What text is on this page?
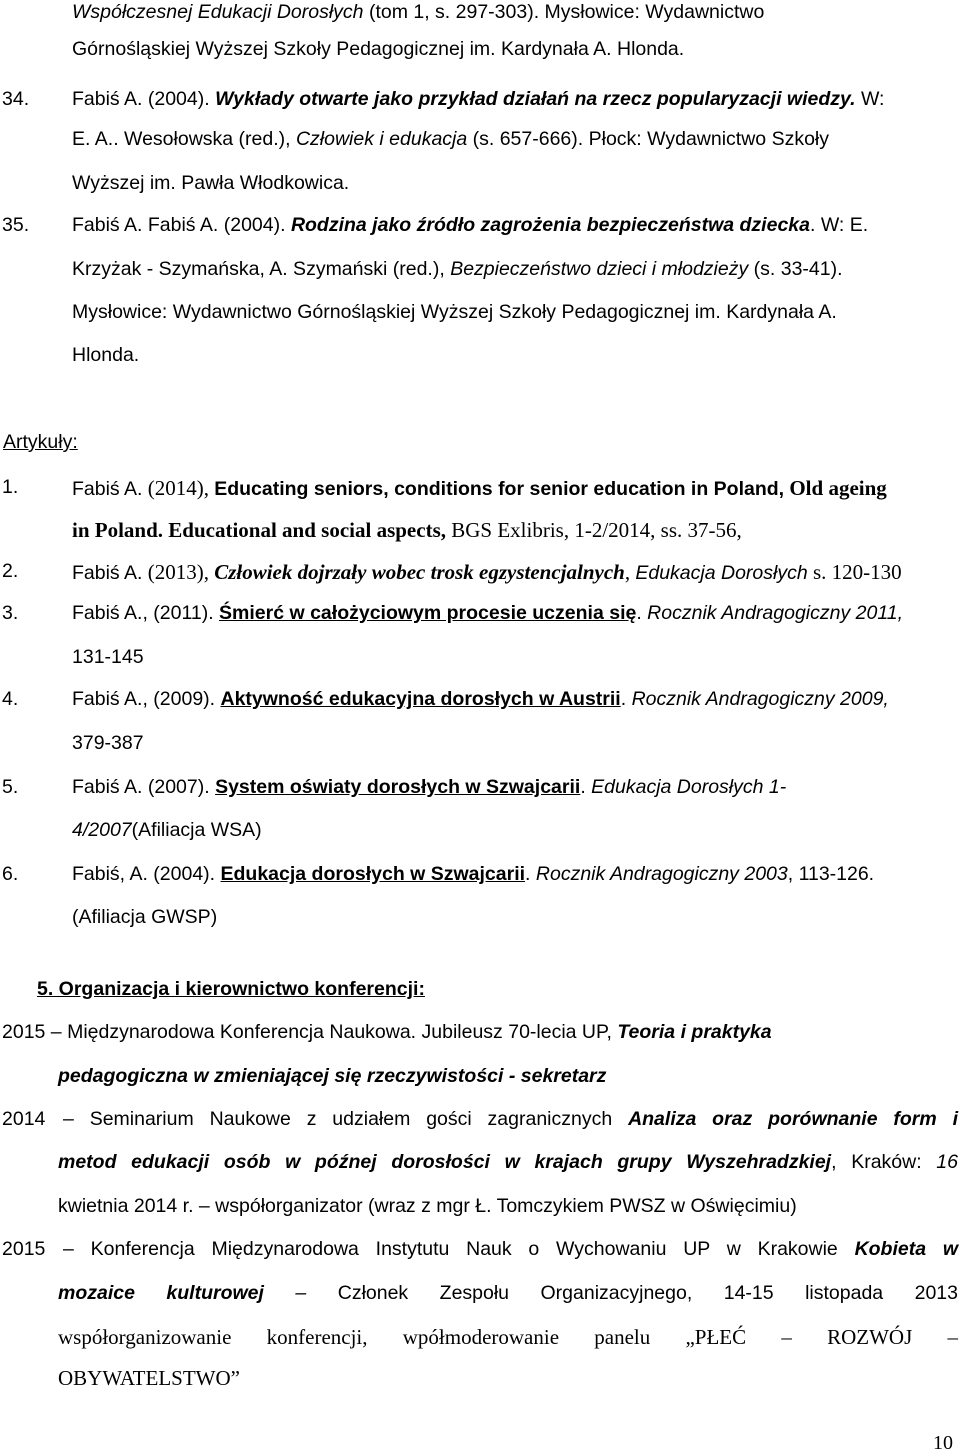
Współczesnej Edukacji Dorosłych (tom 1, s. 297-303). Mysłowice: Wydawnictwo
Górnośląskiej Wyższej Szkoły Pedagogicznej im. Kardynała A. Hlonda.
34. Fabiś A. (2004). Wykłady otwarte jako przykład działań na rzecz popularyzacji wiedzy. W:
E. A.. Wesołowska (red.), Człowiek i edukacja (s. 657-666). Płock: Wydawnictwo Szkoły
Wyższej im. Pawła Włodkowica.
35. Fabiś A. Fabiś A. (2004). Rodzina jako źródło zagrożenia bezpieczeństwa dziecka. W: E.
Krzyżak - Szymańska, A. Szymański (red.), Bezpieczeństwo dzieci i młodzieży (s. 33-41).
Mysłowice: Wydawnictwo Górnośląskiej Wyższej Szkoły Pedagogicznej im. Kardynała A.
Hlonda.
Artykuły:
1.	Fabiś A. (2014), Educating seniors, conditions for senior education in Poland, Old ageing
in Poland. Educational and social aspects, BGS Exlibris, 1-2/2014, ss. 37-56,
2.	Fabiś A. (2013), Człowiek dojrzały wobec trosk egzystencjalnych, Edukacja Dorosłych s. 120-130
3.	Fabiś A., (2011). Śmierć w całożyciowym procesie uczenia się. Rocznik Andragogiczny 2011,
131-145
4.	Fabiś A., (2009). Aktywność edukacyjna dorosłych w Austrii. Rocznik Andragogiczny 2009,
379-387
5.	Fabiś A. (2007). System oświaty dorosłych w Szwajcarii. Edukacja Dorosłych 1-
4/2007(Afiliacja WSA)
6.	Fabiś, A. (2004). Edukacja dorosłych w Szwajcarii. Rocznik Andragogiczny 2003, 113-126.
(Afiliacja GWSP)
5. Organizacja i kierownictwo konferencji:
2015 – Międzynarodowa Konferencja Naukowa. Jubileusz 70-lecia UP, Teoria i praktyka
pedagogiczna w zmieniającej się rzeczywistości - sekretarz
2014 – Seminarium Naukowe z udziałem gości zagranicznych Analiza oraz porównanie form i
metod edukacji osób w późnej dorosłości w krajach grupy Wyszehradzkiej, Kraków: 16
kwietnia 2014 r. – współorganizator (wraz z mgr Ł. Tomczykiem PWSZ w Oświęcimiu)
2015 – Konferencja Międzynarodowa Instytutu Nauk o Wychowaniu UP w Krakowie Kobieta w
mozaice kulturowej – Członek Zespołu Organizacyjnego, 14-15 listopada 2013
współorganizowanie konferencji, wpółmoderowanie panelu „PŁEĆ – ROZWÓJ –
OBYWATELSTWO”
10
